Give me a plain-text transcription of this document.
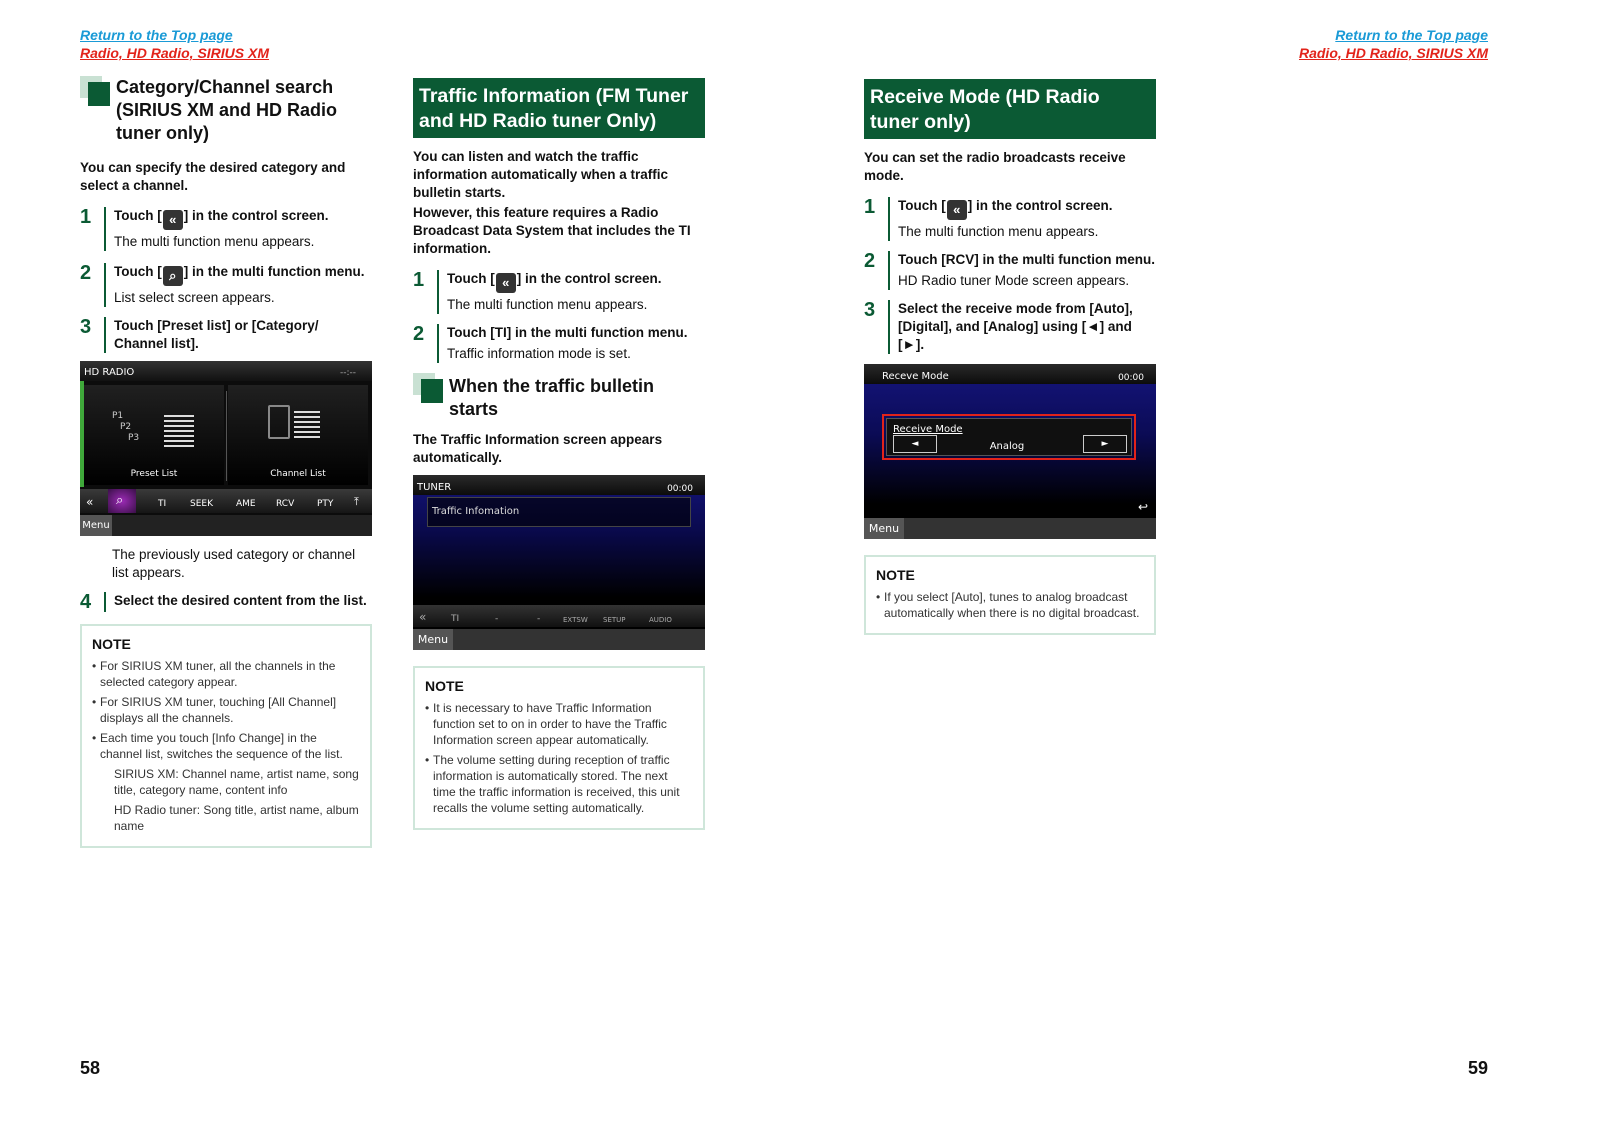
Return to the Top page
Radio, HD Radio, SIRIUS XM
Return to the Top page
Radio, HD Radio, SIRIUS XM
Category/Channel search (SIRIUS XM and HD Radio tuner only)
You can specify the desired category and select a channel.
1	Touch [ « ] in the control screen.
The multi function menu appears.
2	Touch [ ⌕ ] in the multi function menu.
List select screen appears.
3	Touch [Preset list] or [Category/ Channel list].
HD RADIO	--:--
P1
P2
P3
Preset List	Channel List
« ⌕	TI	SEEK	AME RCV	PTY ⤒
Menu
The previously used category or channel list appears.
4	Select the desired content from the list.
NOTE
• For SIRIUS XM tuner, all the channels in the selected category appear.
• For SIRIUS XM tuner, touching [All Channel] displays all the channels.
• Each time you touch [Info Change] in the channel list, switches the sequence of the list.
SIRIUS XM: Channel name, artist name, song title, category name, content info
HD Radio tuner: Song title, artist name, album name
Traffic Information (FM Tuner and HD Radio tuner Only)
You can listen and watch the traffic information automatically when a traffic bulletin starts.
However, this feature requires a Radio Broadcast Data System that includes the TI information.
1	Touch [ « ] in the control screen.
The multi function menu appears.
2	Touch [TI] in the multi function menu.
Traffic information mode is set.
When the traffic bulletin starts
The Traffic Information screen appears automatically.
TUNER	00:00
Traffic Infomation
«	TI	-	-	EXTSW SETUP	AUDIO
Menu
NOTE
• It is necessary to have Traffic Information function set to on in order to have the Traffic Information screen appear automatically.
• The volume setting during reception of traffic information is automatically stored. The next time the traffic information is received, this unit recalls the volume setting automatically.
Receive Mode (HD Radio tuner only)
You can set the radio broadcasts receive mode.
1	Touch [ « ] in the control screen.
The multi function menu appears.
2	Touch [RCV] in the multi function menu.
HD Radio tuner Mode screen appears.
3	Select the receive mode from [Auto], [Digital], and [Analog] using [◄] and [►].
Receve Mode	00:00
Receive Mode
◄	Analog	►
↩
Menu
NOTE
• If you select [Auto], tunes to analog broadcast automatically when there is no digital broadcast.
58	59
